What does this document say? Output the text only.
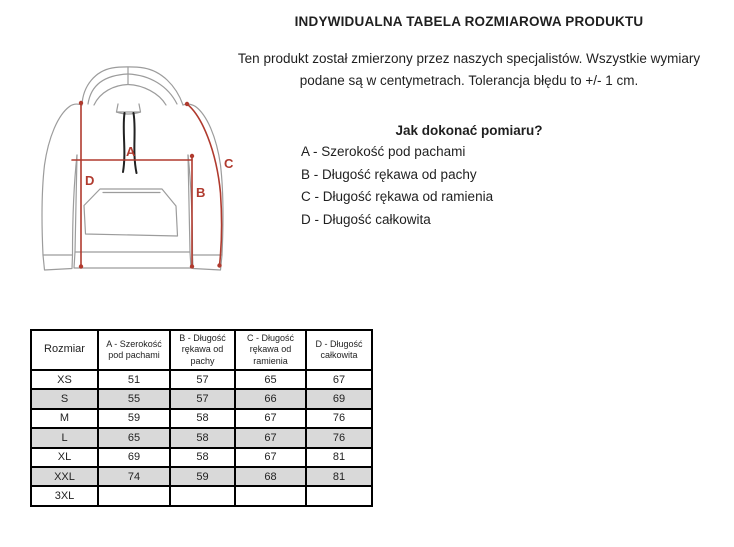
A
B
C
D
INDYWIDUALNA TABELA ROZMIAROWA PRODUKTU
Ten produkt został zmierzony przez naszych specjalistów. Wszystkie wymiary
podane są w centymetrach. Tolerancja błędu to +/- 1 cm.
Jak dokonać pomiaru?
A - Szerokość pod pachami
B - Długość rękawa od pachy
C - Długość rękawa od ramienia
D - Długość całkowita
Rozmiar	A - Szerokość pod pachami	B - Długość rękawa od pachy	C - Długość rękawa od ramienia	D - Długość całkowita
XS	51	57	65	67
S	55	57	66	69
M	59	58	67	76
L	65	58	67	76
XL	69	58	67	81
XXL	74	59	68	81
3XL				
